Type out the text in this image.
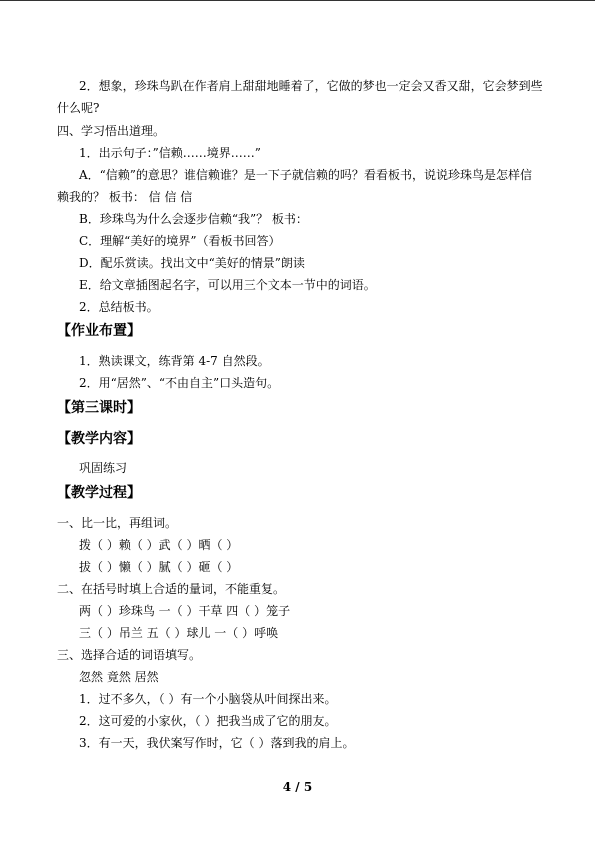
2．想象，珍珠鸟趴在作者肩上甜甜地睡着了，它做的梦也一定会又香又甜，它会梦到些
什么呢?
四、学习悟出道理。
1．出示句子：”信赖……境界……”
A．“信赖”的意思？谁信赖谁？是一下子就信赖的吗？看看板书，说说珍珠鸟是怎样信
赖我的？ 板书： 信 信 信
B．珍珠鸟为什么会逐步信赖“我”？ 板书：
C．理解“美好的境界”（看板书回答）
D．配乐赏读。找出文中“美好的情景”朗读
E．给文章插图起名字，可以用三个文本一节中的词语。
2．总结板书。
【作业布置】
1．熟读课文，练背第 4-7 自然段。
2．用“居然”、“不由自主”口头造句。
【第三课时】
【教学内容】
巩固练习
【教学过程】
一、比一比，再组词。
拨（ ）赖（ ）武（ ）晒（ ）
拔（ ）懒（ ）腻（ ）砸（ ）
二、在括号时填上合适的量词，不能重复。
两（ ）珍珠鸟 一（ ）干草 四（ ）笼子
三（ ）吊兰 五（ ）球儿 一（ ）呼唤
三、选择合适的词语填写。
忽然 竟然 居然
1．过不多久，（ ）有一个小脑袋从叶间探出来。
2．这可爱的小家伙，（ ）把我当成了它的朋友。
3．有一天，我伏案写作时，它（ ）落到我的肩上。
4 / 5
